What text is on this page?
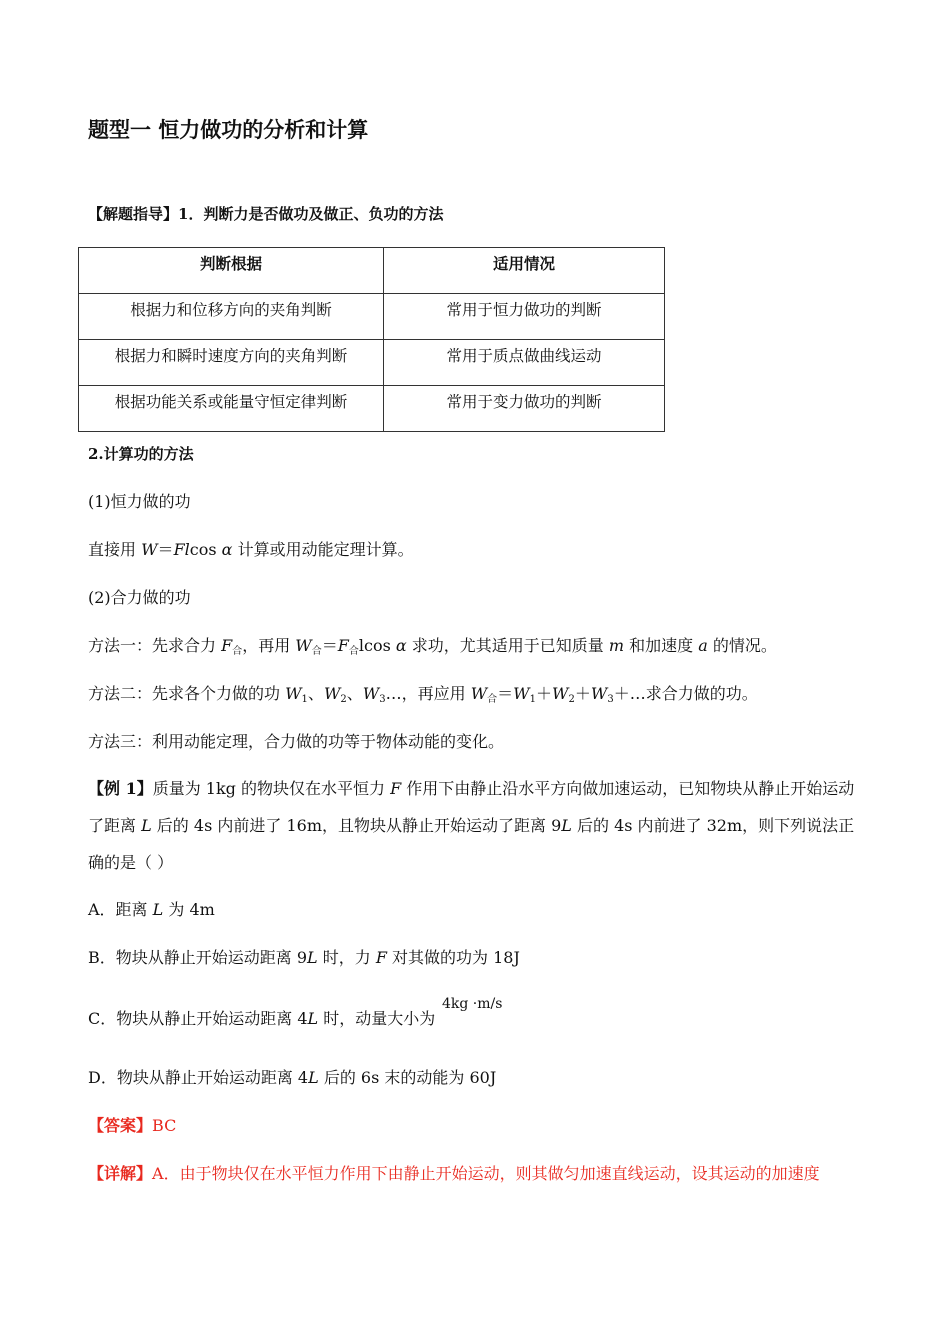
题型一 恒力做功的分析和计算
【解题指导】1．判断力是否做功及做正、负功的方法
判断根据	适用情况
根据力和位移方向的夹角判断	常用于恒力做功的判断
根据力和瞬时速度方向的夹角判断	常用于质点做曲线运动
根据功能关系或能量守恒定律判断	常用于变力做功的判断
2.计算功的方法
(1)恒力做的功
直接用 W＝Flcos α 计算或用动能定理计算。
(2)合力做的功
方法一：先求合力 $F_合$，再用 $W_合=F_合lcos$ α 求功，尤其适用于已知质量 m 和加速度 a 的情况。
方法二：先求各个力做的功 $W_1$、$W_2$、$W_3\dots$，再应用 $W_合=W_1+W_2+W_3+\dots$求合力做的功。
方法三：利用动能定理，合力做的功等于物体动能的变化。
【例 1】质量为 1kg 的物块仅在水平恒力 F 作用下由静止沿水平方向做加速运动，已知物块从静止开始运动了距离 L 后的 4s 内前进了 16m，且物块从静止开始运动了距离 9L 后的 4s 内前进了 32m，则下列说法正确的是（ ）
A．距离 L 为 4m
B．物块从静止开始运动距离 9L 时，力 F 对其做的功为 18J
C．物块从静止开始运动距离 4L 时，动量大小为
4kg ·m/s
D．物块从静止开始运动距离 4L 后的 6s 末的动能为 60J
【答案】BC
【详解】A．由于物块仅在水平恒力作用下由静止开始运动，则其做匀加速直线运动，设其运动的加速度
